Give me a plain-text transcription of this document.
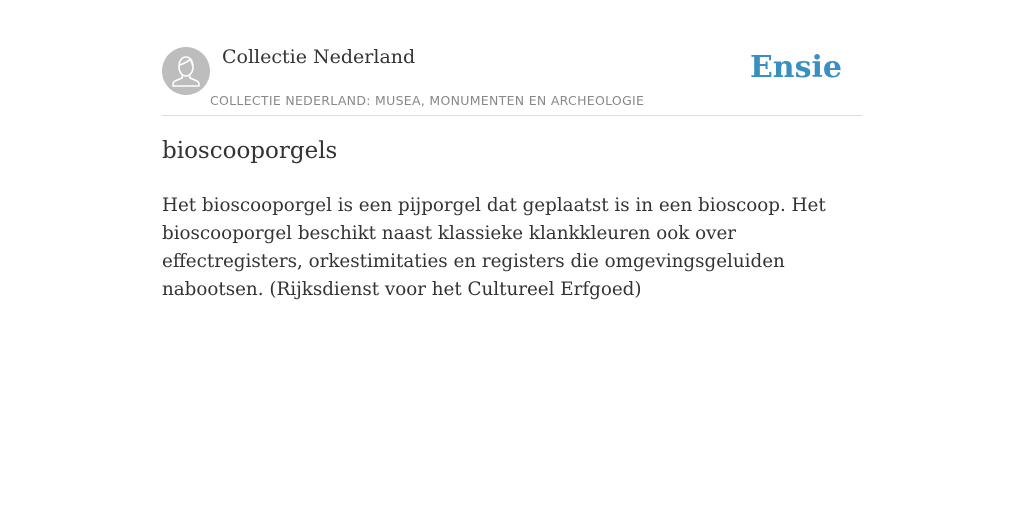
Collectie Nederland
COLLECTIE NEDERLAND: MUSEA, MONUMENTEN EN ARCHEOLOGIE
Ensie
bioscooporgels

Het bioscooporgel is een pijporgel dat geplaatst is in een bioscoop. Het bioscooporgel beschikt naast klassieke klankkleuren ook over effectregisters, orkestimitaties en registers die omgevingsgeluiden nabootsen. (Rijksdienst voor het Cultureel Erfgoed)
